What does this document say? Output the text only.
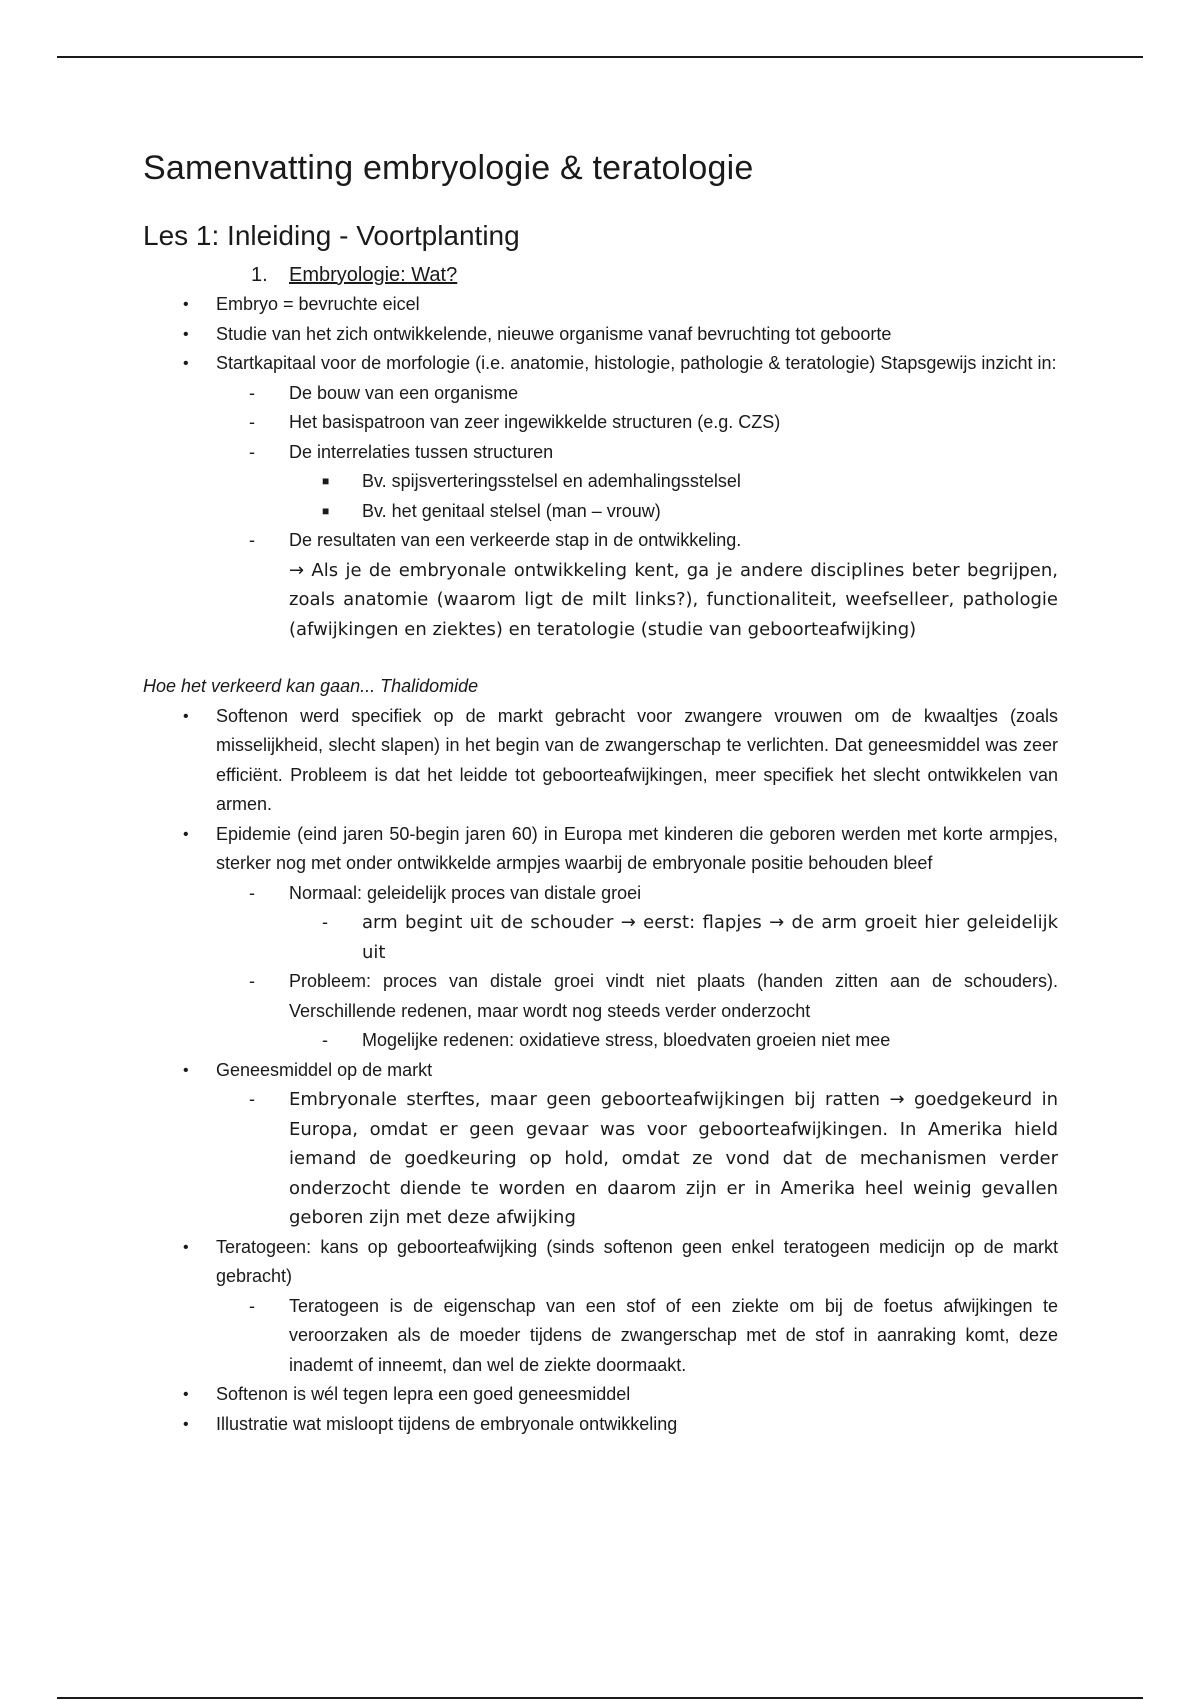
Samenvatting embryologie & teratologie
Les 1: Inleiding - Voortplanting
1. Embryologie: Wat?
• Embryo = bevruchte eicel
• Studie van het zich ontwikkelende, nieuwe organisme vanaf bevruchting tot geboorte
• Startkapitaal voor de morfologie (i.e. anatomie, histologie, pathologie & teratologie) Stapsgewijs inzicht in:
- De bouw van een organisme
- Het basispatroon van zeer ingewikkelde structuren (e.g. CZS)
- De interrelaties tussen structuren
■ Bv. spijsverteringsstelsel en ademhalingsstelsel
■ Bv. het genitaal stelsel (man – vrouw)
- De resultaten van een verkeerde stap in de ontwikkeling.
→ Als je de embryonale ontwikkeling kent, ga je andere disciplines beter begrijpen, zoals anatomie (waarom ligt de milt links?), functionaliteit, weefselleer, pathologie (afwijkingen en ziektes) en teratologie (studie van geboorteafwijking)
Hoe het verkeerd kan gaan... Thalidomide
• Softenon werd specifiek op de markt gebracht voor zwangere vrouwen om de kwaaltjes (zoals misselijkheid, slecht slapen) in het begin van de zwangerschap te verlichten. Dat geneesmiddel was zeer efficiënt. Probleem is dat het leidde tot geboorteafwijkingen, meer specifiek het slecht ontwikkelen van armen.
• Epidemie (eind jaren 50-begin jaren 60) in Europa met kinderen die geboren werden met korte armpjes, sterker nog met onder ontwikkelde armpjes waarbij de embryonale positie behouden bleef
- Normaal: geleidelijk proces van distale groei
- arm begint uit de schouder → eerst: flapjes → de arm groeit hier geleidelijk uit
- Probleem: proces van distale groei vindt niet plaats (handen zitten aan de schouders). Verschillende redenen, maar wordt nog steeds verder onderzocht
- Mogelijke redenen: oxidatieve stress, bloedvaten groeien niet mee
• Geneesmiddel op de markt
- Embryonale sterftes, maar geen geboorteafwijkingen bij ratten → goedgekeurd in Europa, omdat er geen gevaar was voor geboorteafwijkingen. In Amerika hield iemand de goedkeuring op hold, omdat ze vond dat de mechanismen verder onderzocht diende te worden en daarom zijn er in Amerika heel weinig gevallen geboren zijn met deze afwijking
• Teratogeen: kans op geboorteafwijking (sinds softenon geen enkel teratogeen medicijn op de markt gebracht)
- Teratogeen is de eigenschap van een stof of een ziekte om bij de foetus afwijkingen te veroorzaken als de moeder tijdens de zwangerschap met de stof in aanraking komt, deze inademt of inneemt, dan wel de ziekte doormaakt.
• Softenon is wél tegen lepra een goed geneesmiddel
• Illustratie wat misloopt tijdens de embryonale ontwikkeling
